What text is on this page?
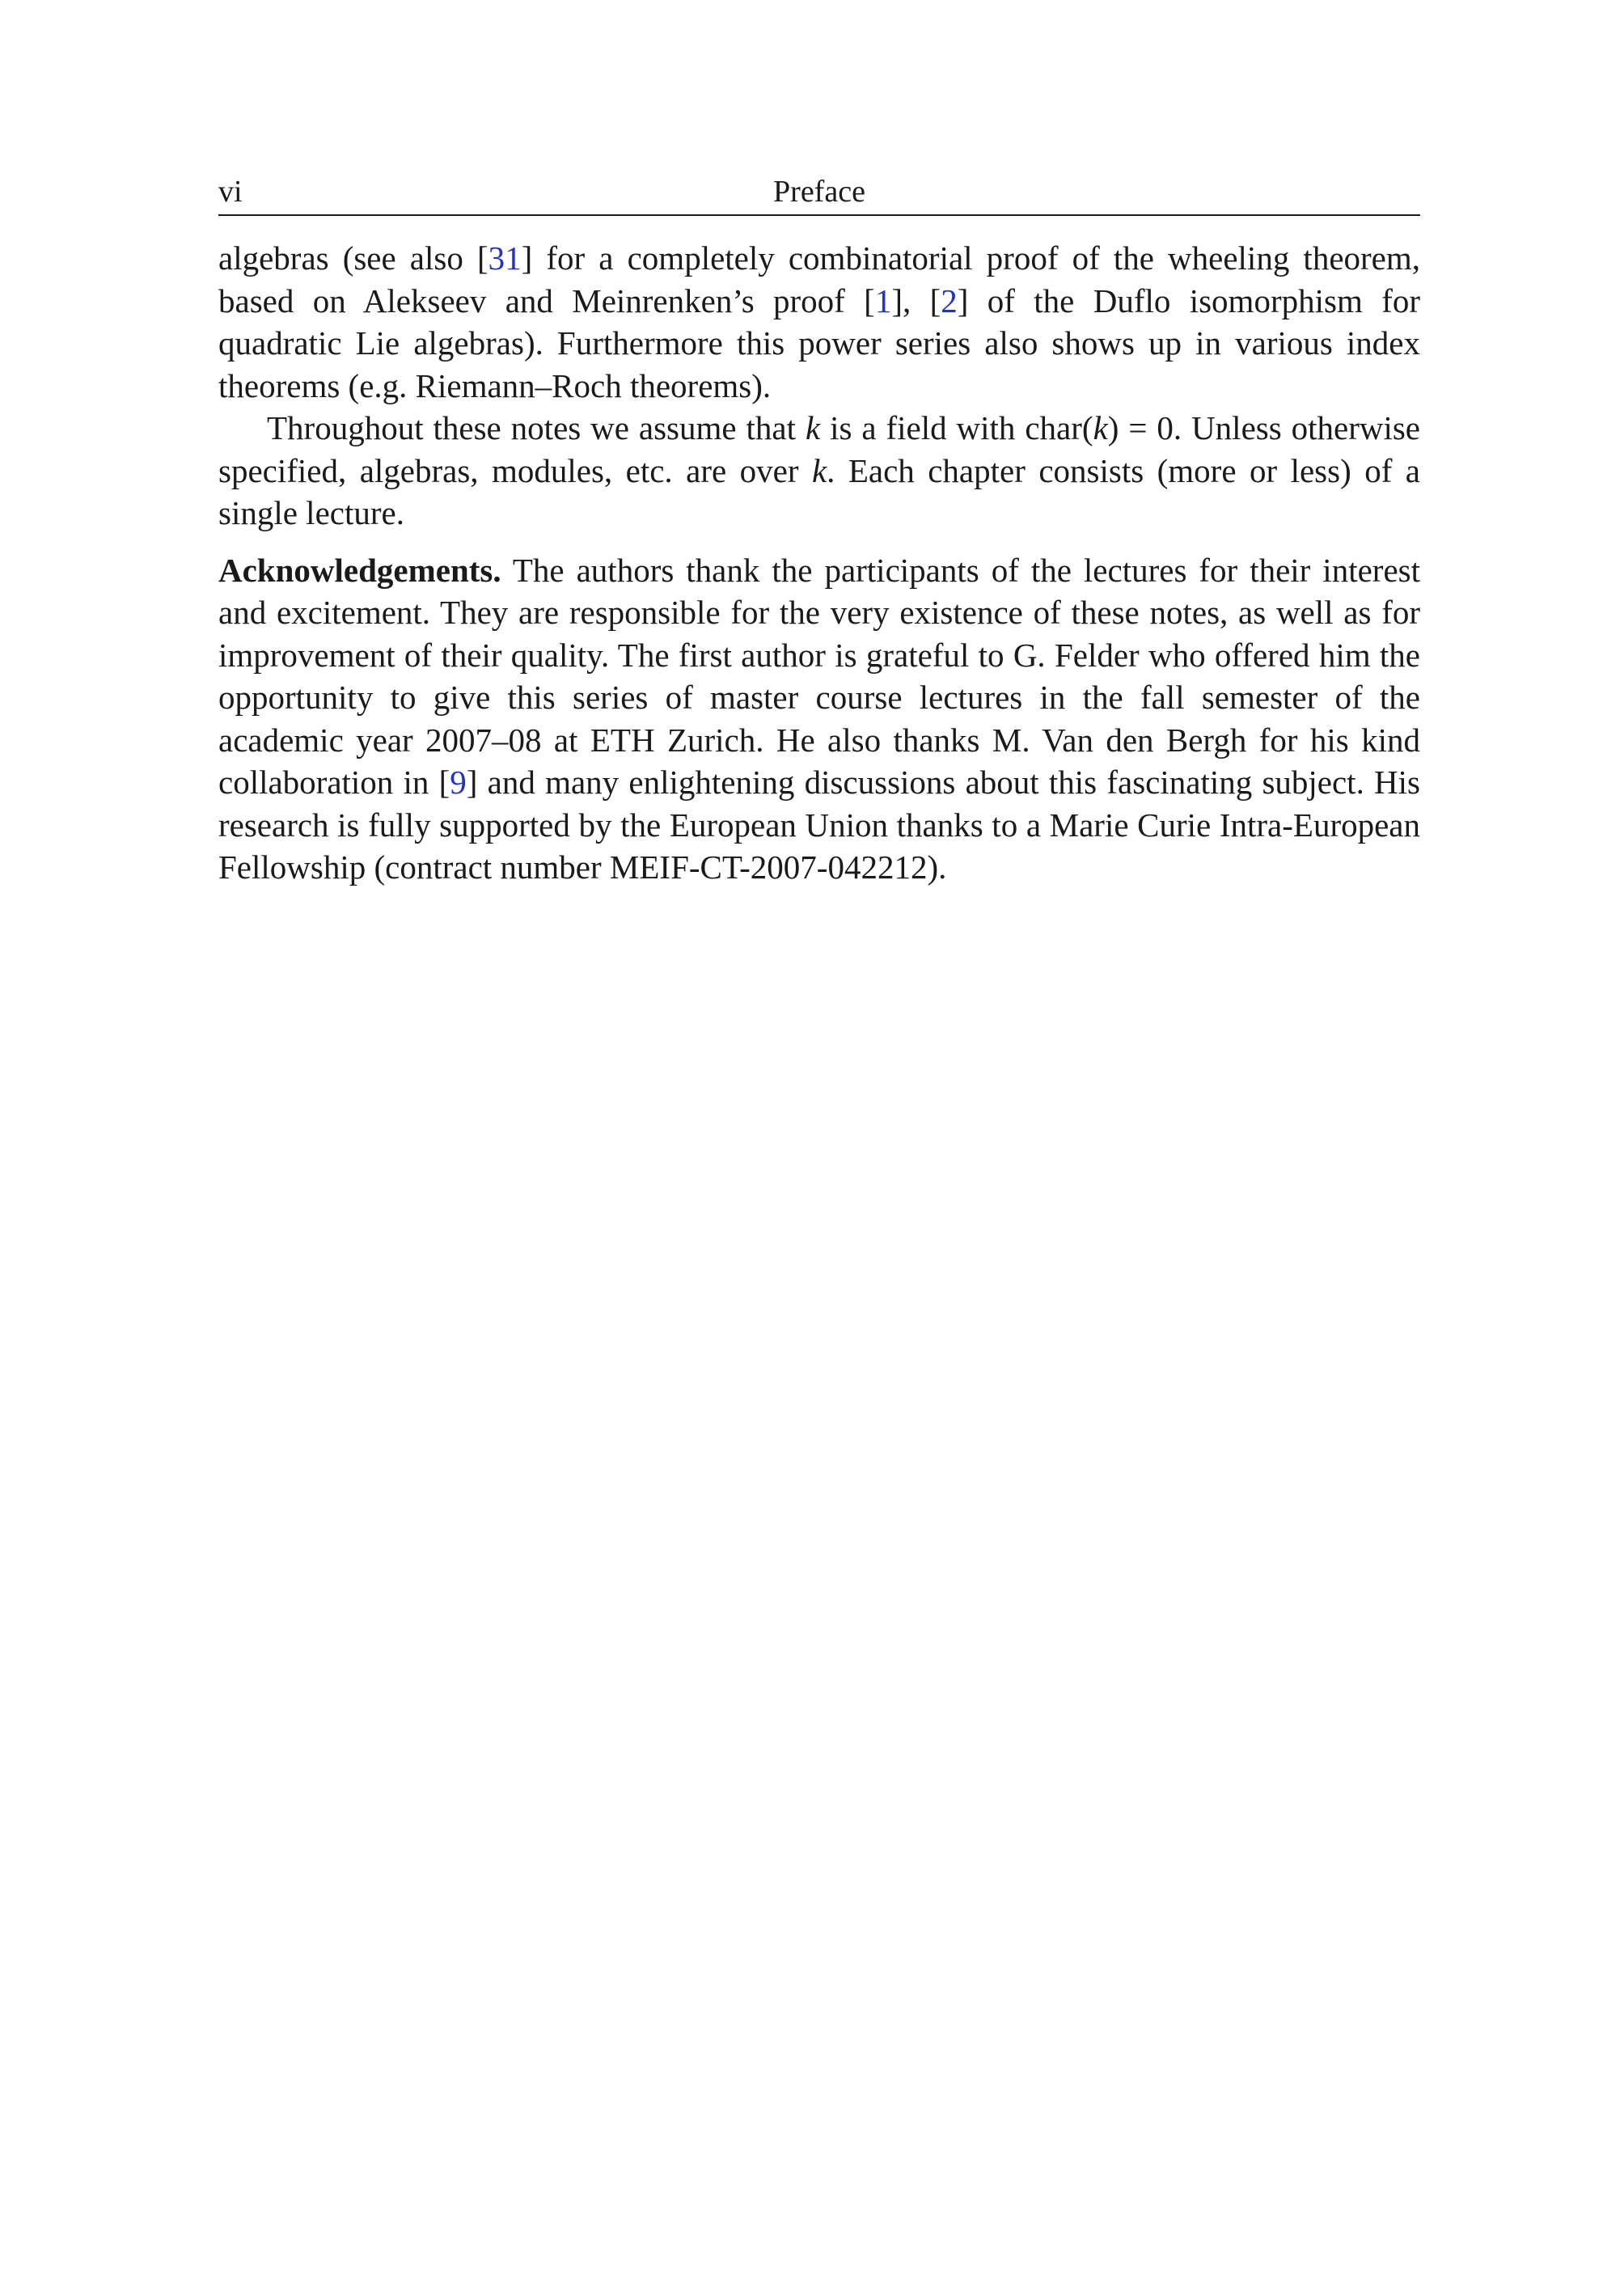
vi	Preface

algebras (see also [31] for a completely combinatorial proof of the wheeling theorem, based on Alekseev and Meinrenken’s proof [1], [2] of the Duflo isomorphism for quadratic Lie algebras). Furthermore this power series also shows up in various index theorems (e.g. Riemann–Roch theorems).

Throughout these notes we assume that k is a field with char(k) = 0. Unless otherwise specified, algebras, modules, etc. are over k. Each chapter consists (more or less) of a single lecture.

Acknowledgements. The authors thank the participants of the lectures for their interest and excitement. They are responsible for the very existence of these notes, as well as for improvement of their quality. The first author is grateful to G. Felder who offered him the opportunity to give this series of master course lectures in the fall semester of the academic year 2007–08 at ETH Zurich. He also thanks M. Van den Bergh for his kind collaboration in [9] and many enlightening discussions about this fascinating subject. His research is fully supported by the European Union thanks to a Marie Curie Intra-European Fellowship (contract number MEIF-CT-2007-042212).
